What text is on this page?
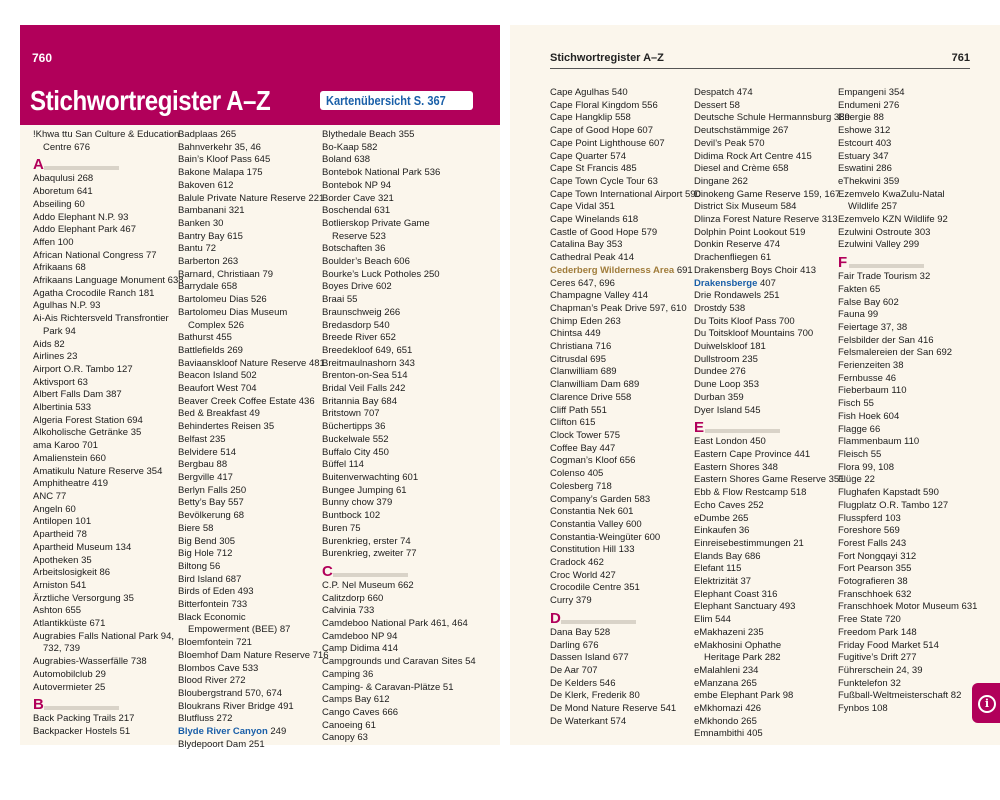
760
Stichwortregister A–Z	Kartenübersicht S. 367
Stichwortregister A–Z	761
!Khwa ttu San Culture & Education
Centre 676
A
Abaqulusi 268
Aboretum 641
Abseiling 60
Addo Elephant N.P. 93
Addo Elephant Park 467
Affen 100
African National Congress 77
Afrikaans 68
Afrikaans Language Monument 638
Agatha Crocodile Ranch 181
Agulhas N.P. 93
Ai-Ais Richtersveld Transfrontier
Park 94
Aids 82
Airlines 23
Airport O.R. Tambo 127
Aktivsport 63
Albert Falls Dam 387
Albertinia 533
Algeria Forest Station 694
Alkoholische Getränke 35
ama Karoo 701
Amalienstein 660
Amatikulu Nature Reserve 354
Amphitheatre 419
ANC 77
Angeln 60
Antilopen 101
Apartheid 78
Apartheid Museum 134
Apotheken 35
Arbeitslosigkeit 86
Arniston 541
Ärztliche Versorgung 35
Ashton 655
Atlantikküste 671
Augrabies Falls National Park 94,
732, 739
Augrabies-Wasserfälle 738
Automobilclub 29
Autovermieter 25
B
Back Packing Trails 217
Backpacker Hostels 51
Badplaas 265
Bahnverkehr 35, 46
Bain’s Kloof Pass 645
Bakone Malapa 175
Bakoven 612
Balule Private Nature Reserve 221
Bambanani 321
Banken 30
Bantry Bay 615
Bantu 72
Barberton 263
Barnard, Christiaan 79
Barrydale 658
Bartolomeu Dias 526
Bartolomeu Dias Museum
Complex 526
Bathurst 455
Battlefields 269
Baviaanskloof Nature Reserve 481
Beacon Island 502
Beaufort West 704
Beaver Creek Coffee Estate 436
Bed & Breakfast 49
Behindertes Reisen 35
Belfast 235
Belvidere 514
Bergbau 88
Bergville 417
Berlyn Falls 250
Betty’s Bay 557
Bevölkerung 68
Biere 58
Big Bend 305
Big Hole 712
Biltong 56
Bird Island 687
Birds of Eden 493
Bitterfontein 733
Black Economic
Empowerment (BEE) 87
Bloemfontein 721
Bloemhof Dam Nature Reserve 716
Blombos Cave 533
Blood River 272
Bloubergstrand 570, 674
Bloukrans River Bridge 491
Blutfluss 272
Blyde River Canyon 249
Blydepoort Dam 251
Blythedale Beach 355
Bo-Kaap 582
Boland 638
Bontebok National Park 536
Bontebok NP 94
Border Cave 321
Boschendal 631
Botlierskop Private Game
Reserve 523
Botschaften 36
Boulder’s Beach 606
Bourke’s Luck Potholes 250
Boyes Drive 602
Braai 55
Braunschweig 266
Bredasdorp 540
Breede River 652
Breedekloof 649, 651
Breitmaulnashorn 343
Brenton-on-Sea 514
Bridal Veil Falls 242
Britannia Bay 684
Britstown 707
Büchertipps 36
Buckelwale 552
Buffalo City 450
Büffel 114
Buitenverwachting 601
Bungee Jumping 61
Bunny chow 379
Buntbock 102
Buren 75
Burenkrieg, erster 74
Burenkrieg, zweiter 77
C
C.P. Nel Museum 662
Calitzdorp 660
Calvinia 733
Camdeboo National Park 461, 464
Camdeboo NP 94
Camp Didima 414
Campgrounds und Caravan Sites 54
Camping 36
Camping- & Caravan-Plätze 51
Camps Bay 612
Cango Caves 666
Canoeing 61
Canopy 63
Cape Agulhas 540
Cape Floral Kingdom 556
Cape Hangklip 558
Cape of Good Hope 607
Cape Point Lighthouse 607
Cape Quarter 574
Cape St Francis 485
Cape Town Cycle Tour 63
Cape Town International Airport 590
Cape Vidal 351
Cape Winelands 618
Castle of Good Hope 579
Catalina Bay 353
Cathedral Peak 414
Cederberg Wilderness Area 691
Ceres 647, 696
Champagne Valley 414
Chapman’s Peak Drive 597, 610
Chimp Eden 263
Chintsa 449
Christiana 716
Citrusdal 695
Clanwilliam 689
Clanwilliam Dam 689
Clarence Drive 558
Cliff Path 551
Clifton 615
Clock Tower 575
Coffee Bay 447
Cogman’s Kloof 656
Colenso 405
Colesberg 718
Company’s Garden 583
Constantia Nek 601
Constantia Valley 600
Constantia-Weingüter 600
Constitution Hill 133
Cradock 462
Croc World 427
Crocodile Centre 351
Curry 379
D
Dana Bay 528
Darling 676
Dassen Island 677
De Aar 707
De Kelders 546
De Klerk, Frederik 80
De Mond Nature Reserve 541
De Waterkant 574
Despatch 474
Dessert 58
Deutsche Schule Hermannsburg 389
Deutschstämmige 267
Devil’s Peak 570
Didima Rock Art Centre 415
Diesel and Crème 658
Dingane 262
Dinokeng Game Reserve 159, 167
District Six Museum 584
Dlinza Forest Nature Reserve 313
Dolphin Point Lookout 519
Donkin Reserve 474
Drachenfliegen 61
Drakensberg Boys Choir 413
Drakensberge 407
Drie Rondawels 251
Drostdy 538
Du Toits Kloof Pass 700
Du Toitskloof Mountains 700
Duiwelskloof 181
Dullstroom 235
Dundee 276
Dune Loop 353
Durban 359
Dyer Island 545
E
East London 450
Eastern Cape Province 441
Eastern Shores 348
Eastern Shores Game Reserve 351
Ebb & Flow Restcamp 518
Echo Caves 252
eDumbe 265
Einkaufen 36
Einreisebestimmungen 21
Elands Bay 686
Elefant 115
Elektrizität 37
Elephant Coast 316
Elephant Sanctuary 493
Elim 544
eMakhazeni 235
eMakhosini Ophathe
Heritage Park 282
eMalahleni 234
eManzana 265
embe Elephant Park 98
eMkhomazi 426
eMkhondo 265
Emnambithi 405
Empangeni 354
Endumeni 276
Energie 88
Eshowe 312
Estcourt 403
Estuary 347
Eswatini 286
eThekwini 359
Ezemvelo KwaZulu-Natal
Wildlife 257
Ezemvelo KZN Wildlife 92
Ezulwini Ostroute 303
Ezulwini Valley 299
F
Fair Trade Tourism 32
Fakten 65
False Bay 602
Fauna 99
Feiertage 37, 38
Felsbilder der San 416
Felsmalereien der San 692
Ferienzeiten 38
Fernbusse 46
Fieberbaum 110
Fisch 55
Fish Hoek 604
Flagge 66
Flammenbaum 110
Fleisch 55
Flora 99, 108
Flüge 22
Flughafen Kapstadt 590
Flugplatz O.R. Tambo 127
Flusspferd 103
Foreshore 569
Forest Falls 243
Fort Nongqayi 312
Fort Pearson 355
Fotografieren 38
Franschhoek 632
Franschhoek Motor Museum 631
Free State 720
Freedom Park 148
Friday Food Market 514
Fugitive’s Drift 277
Führerschein 24, 39
Funktelefon 32
Fußball-Weltmeisterschaft 82
Fynbos 108	i
